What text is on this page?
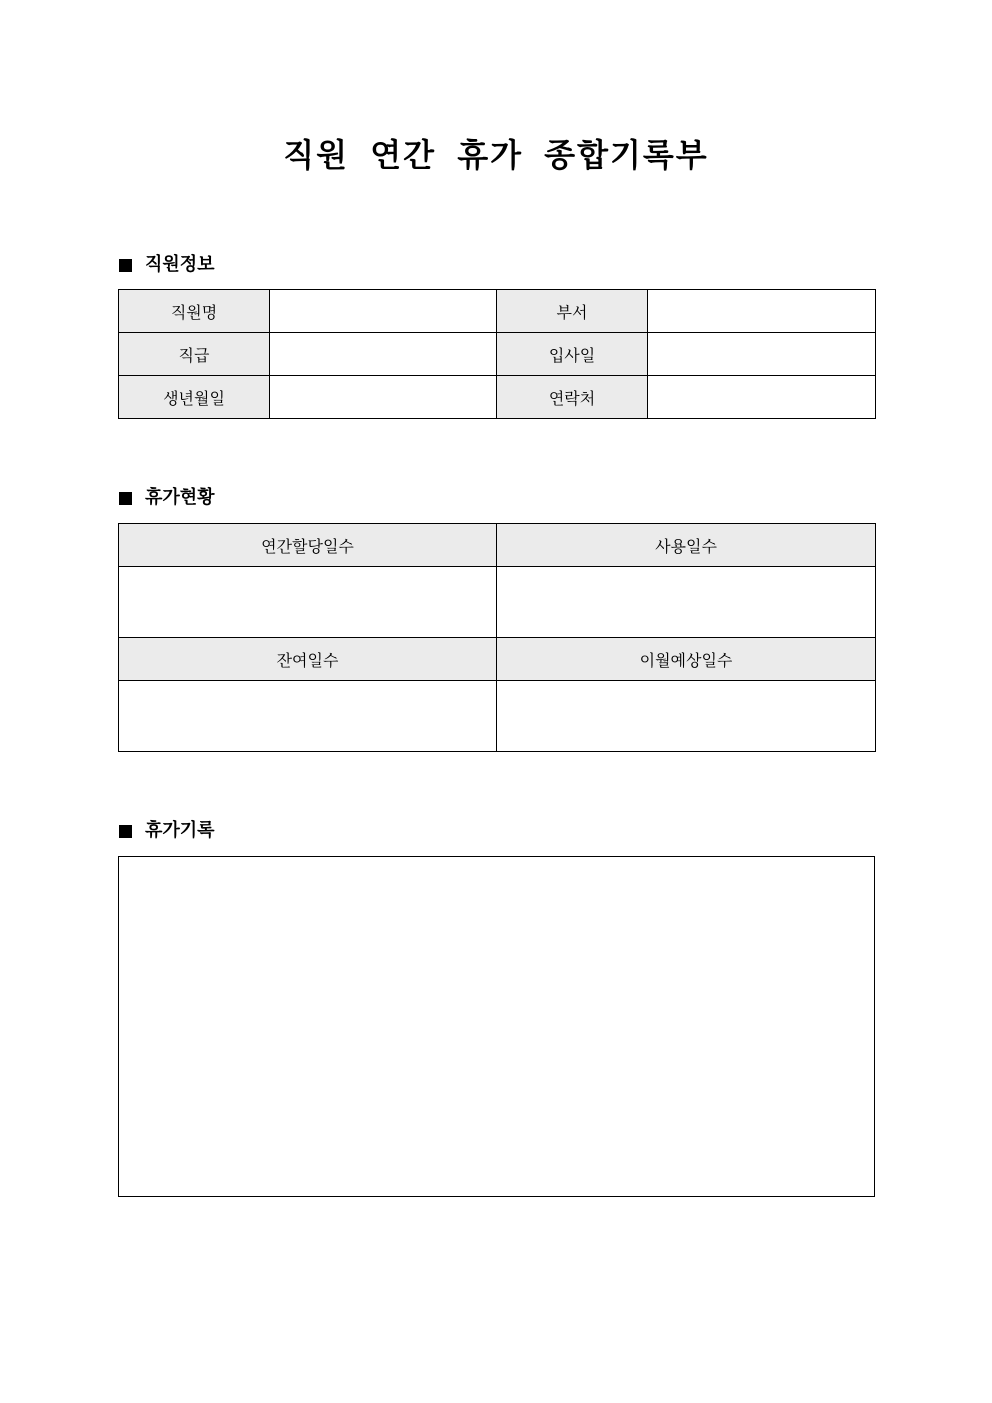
직원 연간 휴가 종합기록부
직원정보
직원명		부서	
직급		입사일	
생년월일		연락처	
휴가현황
연간할당일수	사용일수

잔여일수	이월예상일수

휴가기록
